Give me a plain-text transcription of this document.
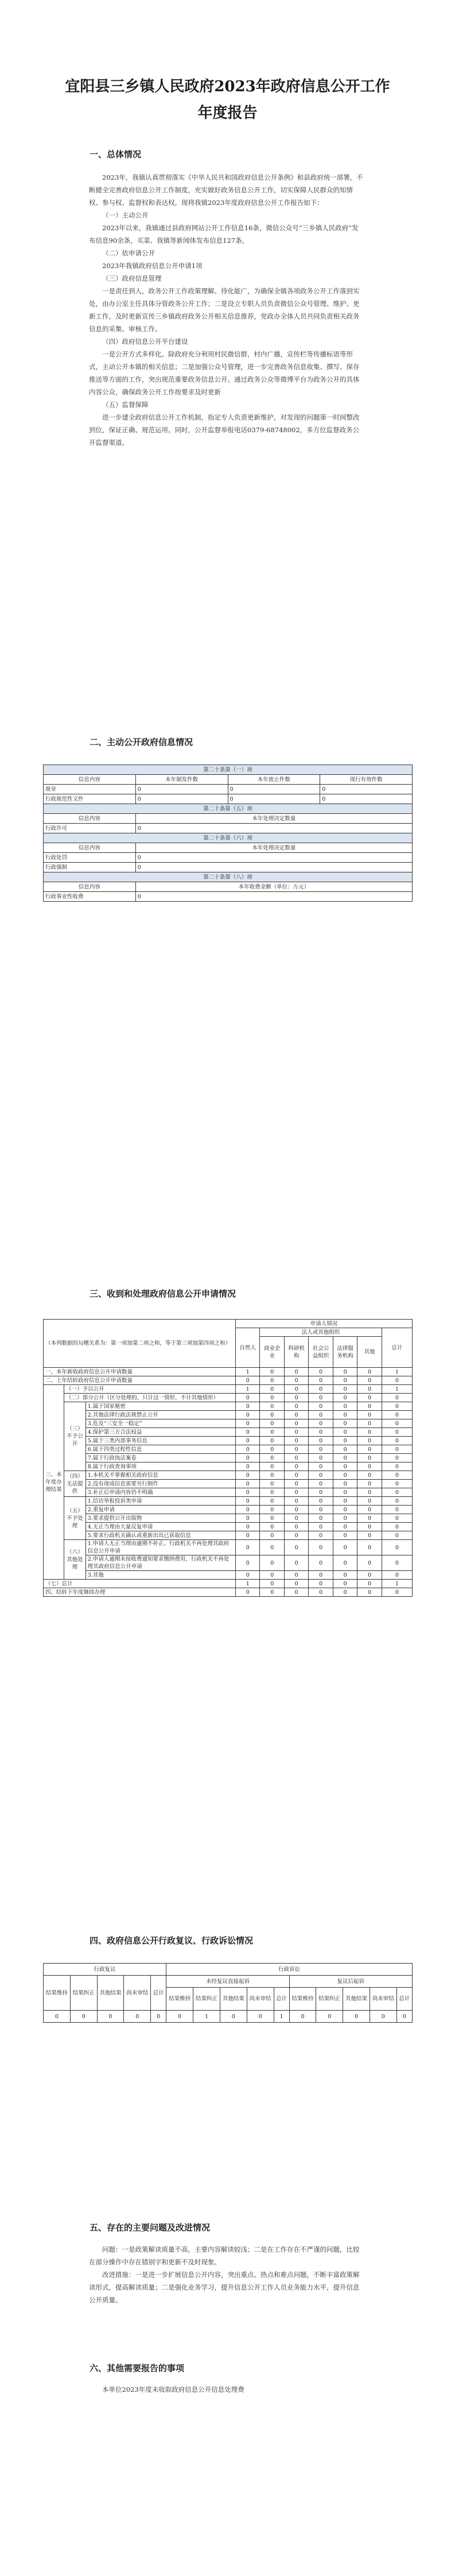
宜阳县三乡镇人民政府2023年政府信息公开工作
年度报告
一、总体情况

2023年，我镇认真贯彻落实《中华人民共和国政府信息公开条例》和县政府统一部署，不断健全完善政府信息公开工作制度，充实做好政务信息公开工作，切实保障人民群众的知情权、参与权、监督权和表达权。现将我镇2023年度政府信息公开工作报告如下：

（一）主动公开

2023年以来，我镇通过县政府网站公开工作信息16条，微信公众号“三乡镇人民政府”发布信息90余条，买菜、我镇等新闻体发布信息127条。

（二）依申请公开

2023年我镇政府信息公开申请1项

（三）政府信息管理

一是责任到人，政务公开工作政策理解、待化能广，为确保全镇各项政务公开工作落到实处，由办公室主任具体分管政务公开工作；二是设立专职人员负责微信公众号管理、维护、更新工作，及时更新宣传三乡镇政府政务公开相关信息推荐，党政办全体人员共同负责相关政务信息的采集、审核工作。

（四）政府信息公开平台建设

一是公开方式多样化。除政府充分利用村民微信群，村内广播，宣传栏等传播标语等形式，主动公开本镇的相关信息；二是加强公众号管理，进一步完善政务信息收集、撰写、保存推送等方面的工作，突出规范重要政务信息公开。通过政务公众等微博平台为政务公开的具体内容公众，确保政务公开工作按要求及时更新

（五）监督保障

进一步建全政府信息公开工作机制，指定专人负责更新维护，对发现的问题第一时间整改到位，保证正确、规范运用。同时，公开监督举报电话0379-68748002，多方位监督政务公开监督渠道。

二、主动公开政府信息情况
第二十条第（一）项			
信息内容	本年制发件数	本年废止件数	现行有效件数
规章	0	0	0
行政规范性文件	0	0	0
第二十条第（五）项			
信息内容	本年处理决定数量		
行政许可	0		
第二十条第（六）项			
信息内容	本年处理决定数量		
行政处罚	0		
行政强制	0		
第二十条第（八）项			
信息内容	本年收费金额（单位：万元）		
行政事业性收费	0		
三、收到和处理政府信息公开申请情况
（本列数据的勾稽关系为：第一项加第二项之和，等于第三项加第四项之和）			申请人情况						
			自然人	法人或其他组织					总计
				商业企业	科研机构	社会公益组织	法律服务机构	其他	
一、本年新收政府信息公开申请数量			1	0	0	0	0	0	1
二、上年结转政府信息公开申请数量			0	0	0	0	0	0	0
三、本年度办理结果	（一）予以公开		1	0	0	0	0	0	1
	（二）部分公开（区分处理的，只计这一情形，不计其他情形）		0	0	0	0	0	0	0
	（三）不予公开	1.属于国家秘密	0	0	0	0	0	0	0
		2.其他法律行政法规禁止公开	0	0	0	0	0	0	0
		3.危及“三安全一稳定”	0	0	0	0	0	0	0
		4.保护第三方合法权益	0	0	0	0	0	0	0
		5.属于三类内部事务信息	0	0	0	0	0	0	0
		6.属于四类过程性信息	0	0	0	0	0	0	0
		7.属于行政执法案卷	0	0	0	0	0	0	0
		8.属于行政查询事项	0	0	0	0	0	0	0
	（四）无法提供	1.本机关不掌握相关政府信息	0	0	0	0	0	0	0
		2.没有现成信息需要另行制作	0	0	0	0	0	0	0
		3.补正后申请内容仍不明确	0	0	0	0	0	0	0
	（五）不予处理	1.信访举报投诉类申请	0	0	0	0	0	0	0
		2.重复申请	0	0	0	0	0	0	0
		3.要求提供公开出版物	0	0	0	0	0	0	0
		4.无正当理由大量反复申请	0	0	0	0	0	0	0
		5.要求行政机关确认或重新出具已获取信息	0	0	0	0	0	0	0
	（六）其他处理	1.申请人无正当理由逾期不补正、行政机关不再处理其政府信息公开申请	0	0	0	0	0	0	0
		2.申请人逾期未按收费通知要求缴纳费用、行政机关不再处理其政府信息公开申请	0	0	0	0	0	0	0
		3.其他	0	0	0	0	0	0	0
（七）总计			1	0	0	0	0	0	1
四、结转下年度继续办理			0	0	0	0	0	0	0
四、政府信息公开行政复议、行政诉讼情况
行政复议					行政诉讼									
结果维持	结果纠正	其他结果	尚未审结	总计	未经复议直接起诉					复议后起诉				
					结果维持	结果纠正	其他结果	尚未审结	总计	结果维持	结果纠正	其他结果	尚未审结	总计
0	0	0	0	0	0	1	0	0	1	0	0	0	0	0
五、存在的主要问题及改进情况

问题：一是政策解读质量不高，主要内容解读较浅；二是在工作存在不严谨的问题，比较在部分操作中存在错别字和更新不及时现象。

改进措施：一是进一步扩展信息公开内容，突出重点、热点和难点问题，不断丰富政策解读形式，提高解读质量；二是强化业务学习，提升信息公开工作人员业务能力水平，提升信息公开质量。

六、其他需要报告的事项

本单位2023年度未收取政府信息公开信息处理费
